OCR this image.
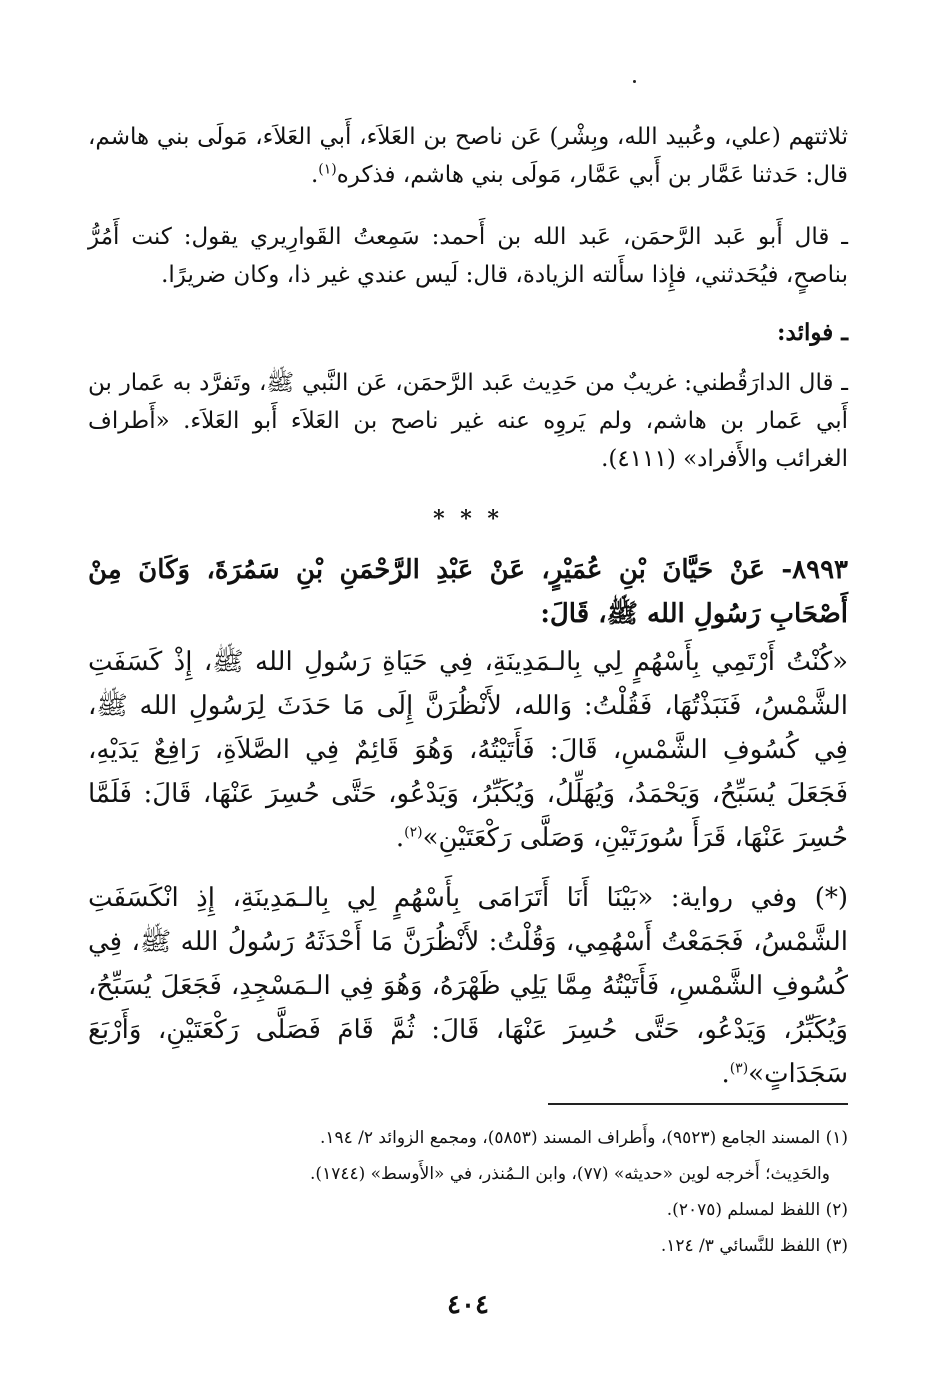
ثلاثتهم (علي، وعُبيد الله، وبِشْر) عَن ناصح بن العَلاَء، أَبي العَلاَء، مَولَى بني هاشم، قال: حَدثنا عَمَّار بن أَبي عَمَّار، مَولَى بني هاشم، فذكره$^{(١)}$.
ـ قال أَبو عَبد الرَّحمَن، عَبد الله بن أَحمد: سَمِعتُ القَوارِيري يقول: كنت أَمُرُّ بناصحٍ، فيُحَدثني، فإِذا سأَلته الزيادة، قال: لَيس عندي غير ذا، وكان ضريرًا.
ـ فوائد:
ـ قال الدارَقُطني: غريبٌ من حَدِيث عَبد الرَّحمَن، عَن النَّبي ﷺ، وتَفرَّد به عَمار بن أَبي عَمار بن هاشم، ولم يَروِه عنه غير ناصح بن العَلاَء أَبو العَلاَء. «أَطراف الغرائب والأَفراد» (٤١١١).
* * *
٨٩٩٣- عَنْ حَيَّانَ بْنِ عُمَيْرٍ، عَنْ عَبْدِ الرَّحْمَنِ بْنِ سَمُرَةَ، وَكَانَ مِنْ أَصْحَابِ رَسُولِ الله ﷺ، قَالَ:
«كُنْتُ أَرْتَمِي بِأَسْهُمٍ لِي بِالـمَدِينَةِ، فِي حَيَاةِ رَسُولِ الله ﷺ، إِذْ كَسَفَتِ الشَّمْسُ، فَنَبَذْتُهَا، فَقُلْتُ: وَالله، لأَنْظُرَنَّ إِلَى مَا حَدَثَ لِرَسُولِ الله ﷺ، فِي كُسُوفِ الشَّمْسِ، قَالَ: فَأَتَيْتُهُ، وَهُوَ قَائِمٌ فِي الصَّلاَةِ، رَافِعٌ يَدَيْهِ، فَجَعَلَ يُسَبِّحُ، وَيَحْمَدُ، وَيُهَلِّلُ، وَيُكَبِّرُ، وَيَدْعُو، حَتَّى حُسِرَ عَنْهَا، قَالَ: فَلَمَّا حُسِرَ عَنْهَا، قَرَأَ سُورَتَيْنِ، وَصَلَّى رَكْعَتَيْنِ»$^{(٢)}$.
(*) وفي رواية: «بَيْنَا أَنَا أَتَرَامَى بِأَسْهُمٍ لِي بِالـمَدِينَةِ، إِذِ انْكَسَفَتِ الشَّمْسُ، فَجَمَعْتُ أَسْهُمِي، وَقُلْتُ: لأَنْظُرَنَّ مَا أَحْدَثَهُ رَسُولُ الله ﷺ، فِي كُسُوفِ الشَّمْسِ، فَأَتَيْتُهُ مِمَّا يَلِي ظَهْرَهُ، وَهُوَ فِي الـمَسْجِدِ، فَجَعَلَ يُسَبِّحُ، وَيُكَبِّرُ، وَيَدْعُو، حَتَّى حُسِرَ عَنْهَا، قَالَ: ثُمَّ قَامَ فَصَلَّى رَكْعَتَيْنِ، وَأَرْبَعَ سَجَدَاتٍ»$^{(٣)}$.
(١) المسند الجامع (٩٥٢٣)، وأَطراف المسند (٥٨٥٣)، ومجمع الزوائد ٢/ ١٩٤.
والحَدِيث؛ أَخرجه لوين «حديثه» (٧٧)، وابن الـمُنذر، في «الأَوسط» (١٧٤٤).
(٢) اللفظ لمسلم (٢٠٧٥).
(٣) اللفظ للنَّسائي ٣/ ١٢٤.
٤٠٤
